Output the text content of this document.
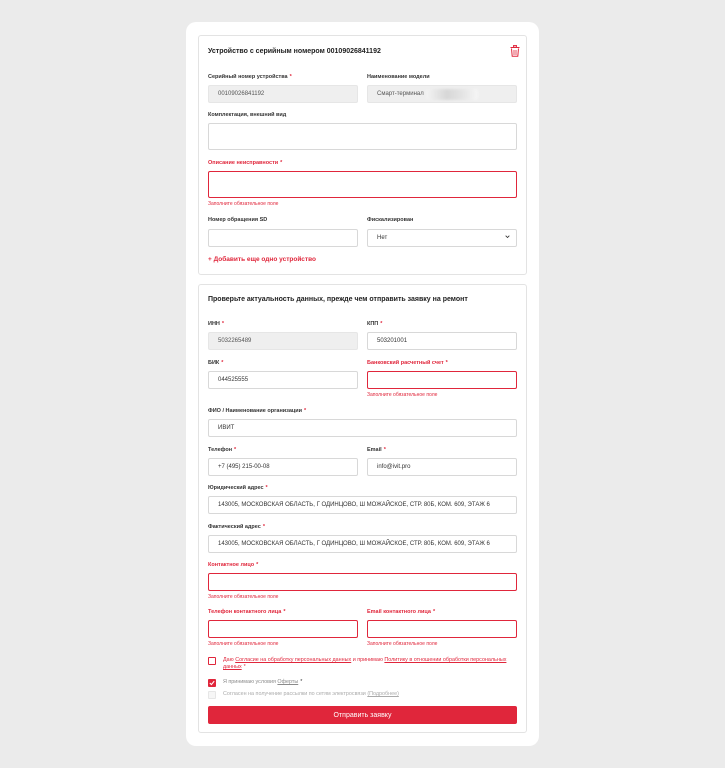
Устройство с серийным номером 00109026841192
Серийный номер устройства *
00109026841192
Наименование модели
Смарт-терминал
Комплектация, внешний вид
Описание неисправности *
Заполните обязательное поле
Номер обращения SD	Фискализирован
Нет
+ Добавить еще одно устройство
Проверьте актуальность данных, прежде чем отправить заявку на ремонт
ИНН *
5032265489
КПП *
503201001
БИК *
044525555
Банковский расчетный счет *
Заполните обязательное поле
ФИО / Наименование организации *
ИВИТ
Телефон *
+7 (495) 215-00-08
Email *
info@ivit.pro
Юридический адрес *
143005, МОСКОВСКАЯ ОБЛАСТЬ, Г ОДИНЦОВО, Ш МОЖАЙСКОЕ, СТР. 80Б, КОМ. 609, ЭТАЖ 6
Фактический адрес *
143005, МОСКОВСКАЯ ОБЛАСТЬ, Г ОДИНЦОВО, Ш МОЖАЙСКОЕ, СТР. 80Б, КОМ. 609, ЭТАЖ 6
Контактное лицо *
Заполните обязательное поле
Телефон контактного лица *
Заполните обязательное поле
Email контактного лица *
Заполните обязательное поле
Даю Согласие на обработку персональных данных и принимаю Политику в отношении обработки персональных данных *
Я принимаю условия Оферты *
Согласен на получение рассылки по сетям электросвязи (Подробнее)
Отправить заявку
